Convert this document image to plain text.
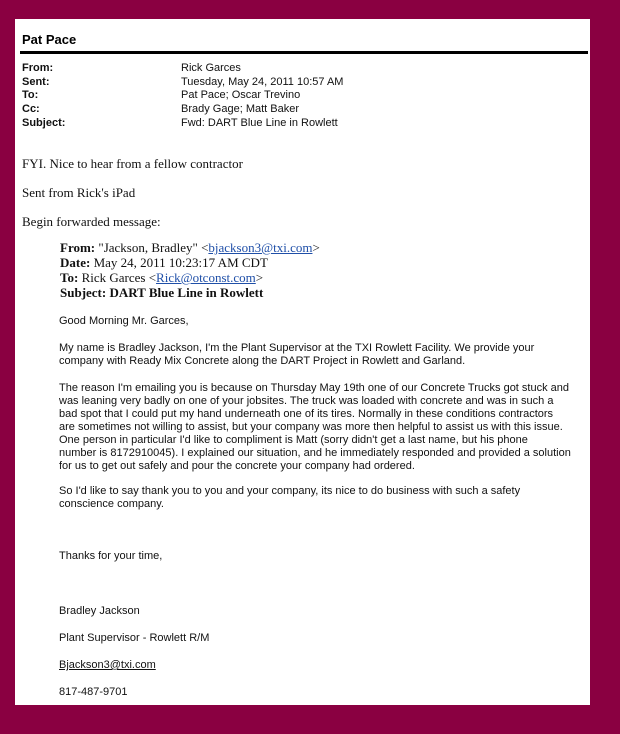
Pat Pace
From:	Rick Garces
Sent:	Tuesday, May 24, 2011 10:57 AM
To:	Pat Pace; Oscar Trevino
Cc:	Brady Gage; Matt Baker
Subject:	Fwd: DART Blue Line in Rowlett
FYI. Nice to hear from a fellow contractor
Sent from Rick's iPad
Begin forwarded message:
From: "Jackson, Bradley" <bjackson3@txi.com>
Date: May 24, 2011 10:23:17 AM CDT
To: Rick Garces <Rick@otconst.com>
Subject: DART Blue Line in Rowlett
Good Morning Mr. Garces,
My name is Bradley Jackson, I'm the Plant Supervisor at the TXI Rowlett Facility. We provide your
company with Ready Mix Concrete along the DART Project in Rowlett and Garland.
The reason I'm emailing you is because on Thursday May 19th one of our Concrete Trucks got stuck and
was leaning very badly on one of your jobsites. The truck was loaded with concrete and was in such a
bad spot that I could put my hand underneath one of its tires. Normally in these conditions contractors
are sometimes not willing to assist, but your company was more then helpful to assist us with this issue.
One person in particular I'd like to compliment is Matt (sorry didn't get a last name, but his phone
number is 8172910045). I explained our situation, and he immediately responded and provided a solution
for us to get out safely and pour the concrete your company had ordered.
So I'd like to say thank you to you and your company, its nice to do business with such a safety
conscience company.
Thanks for your time,
Bradley Jackson
Plant Supervisor - Rowlett R/M
Bjackson3@txi.com
817-487-9701
